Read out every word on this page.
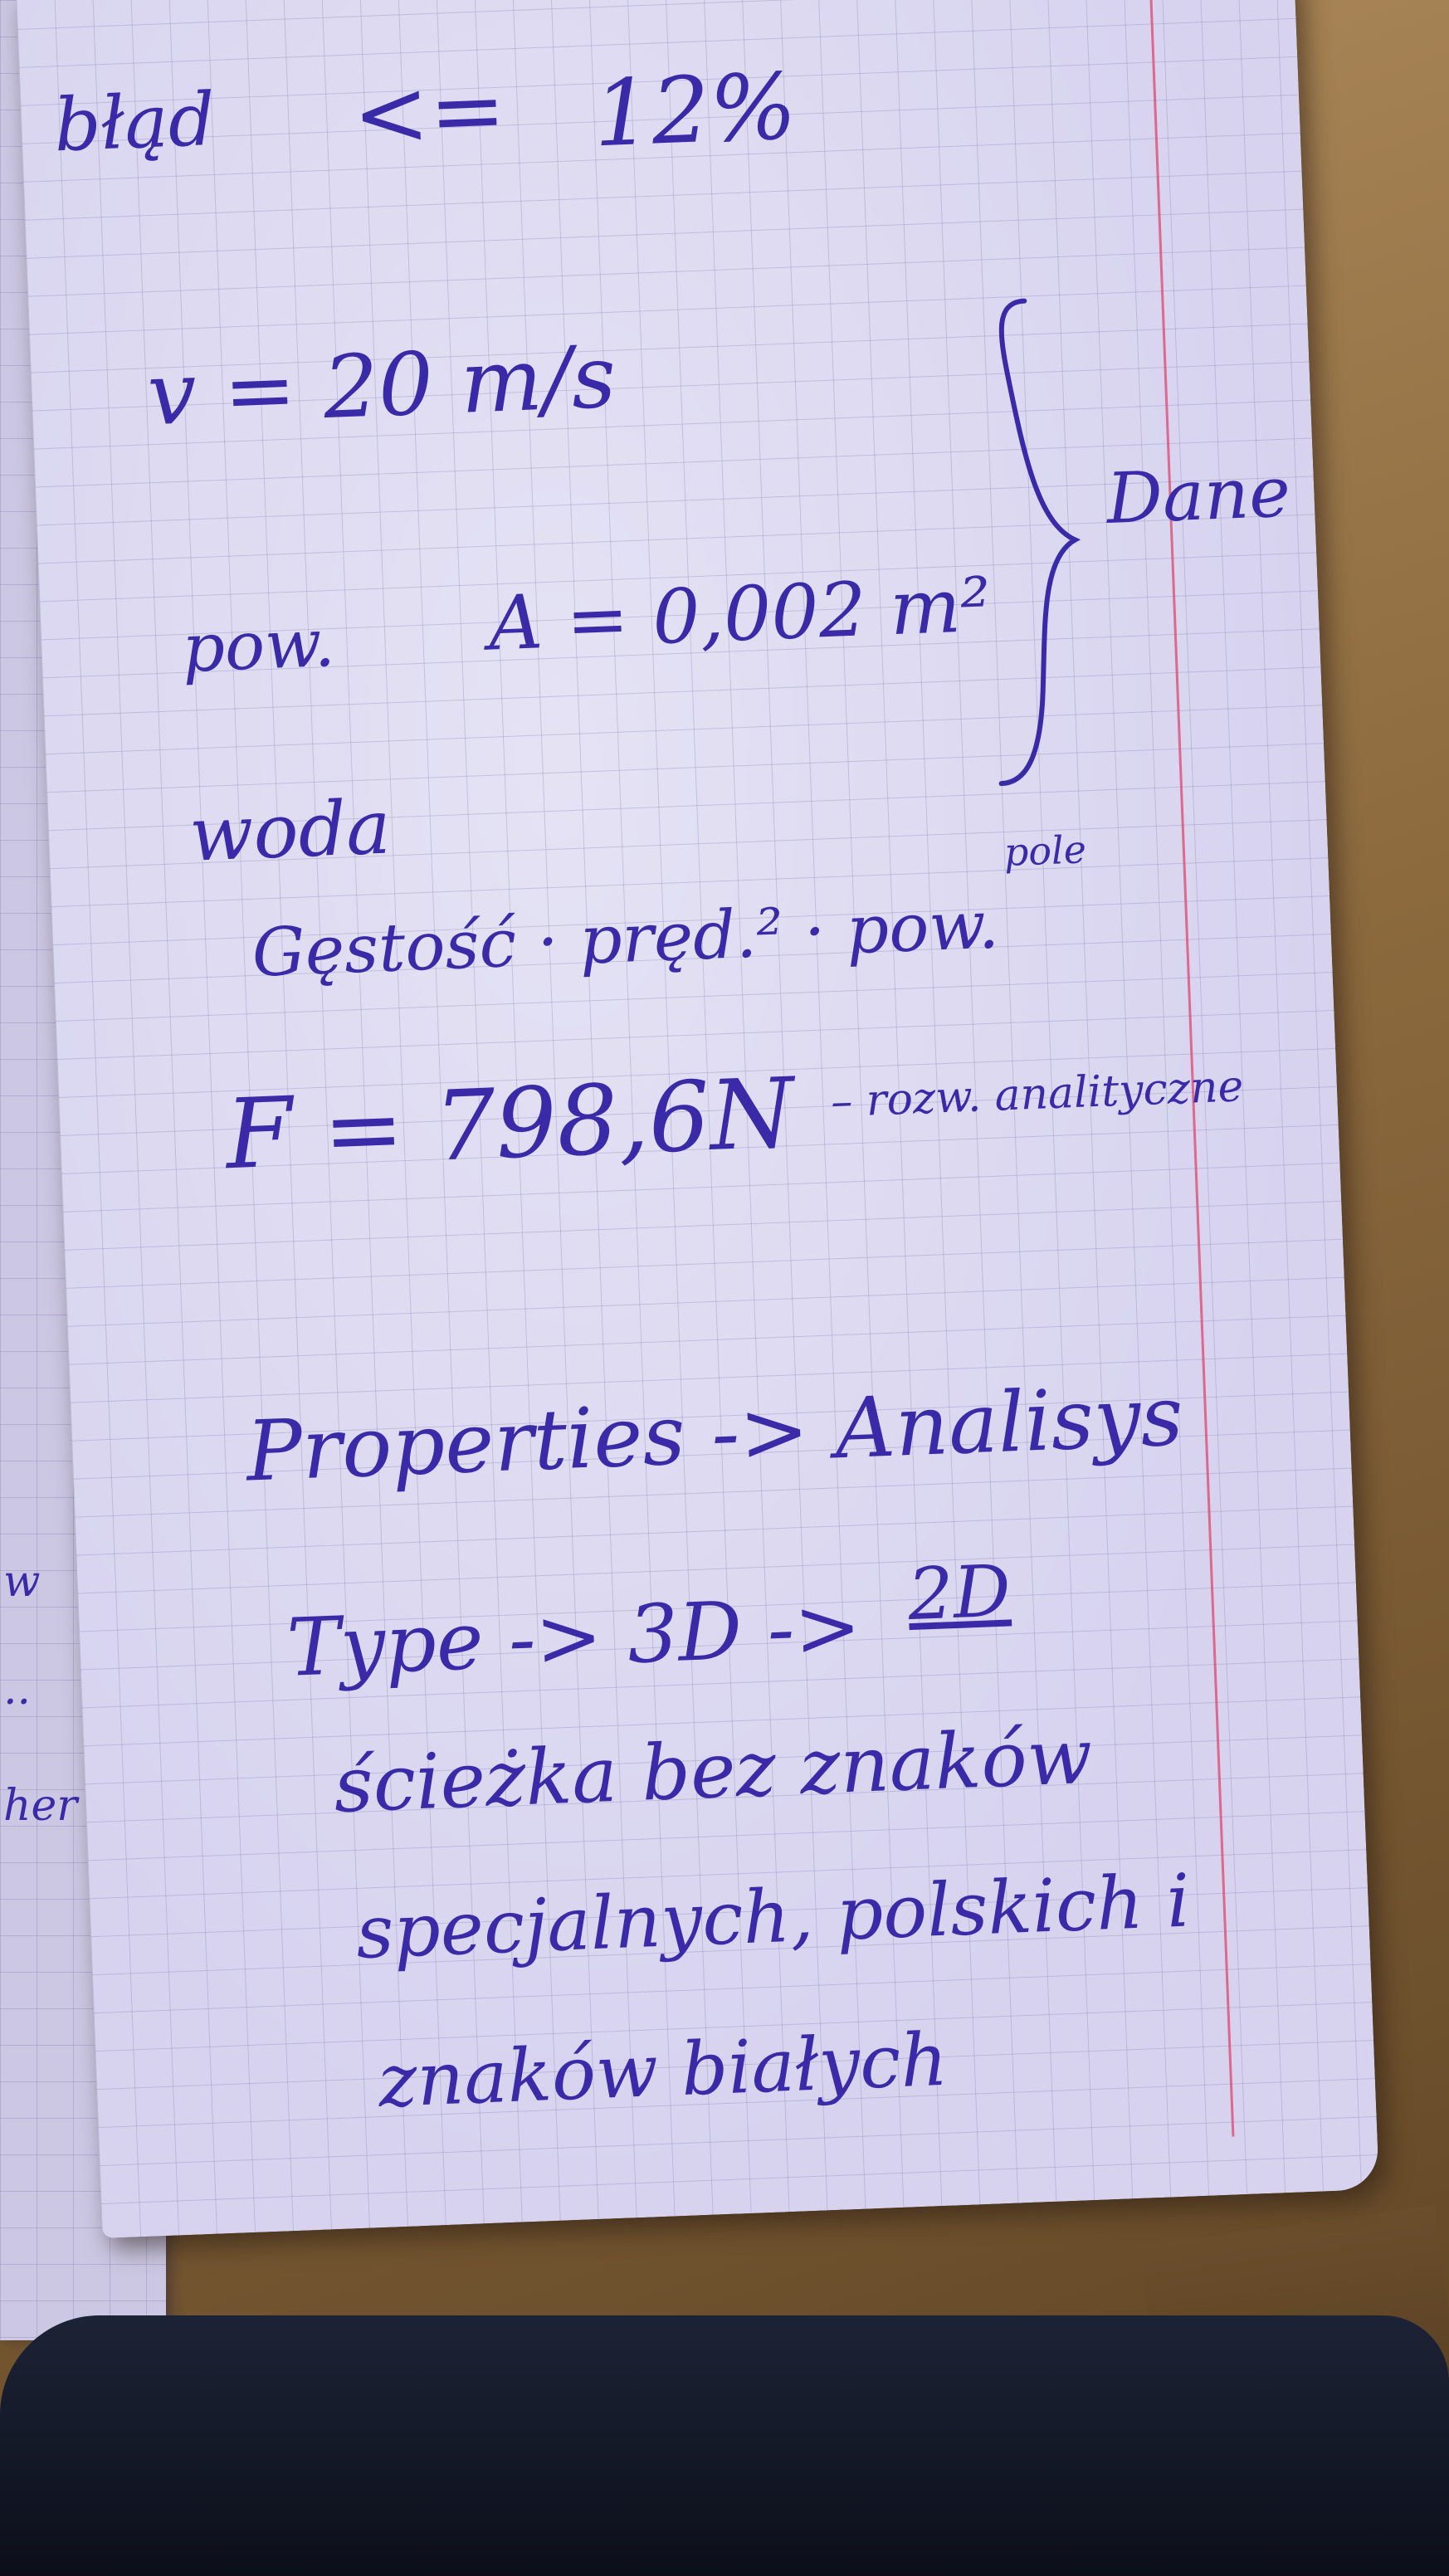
w
..
her
błąd <= 12%
v = 20 m/s
pow. A = 0,002 m²
woda
Dane
pole
Gęstość · pręd.² · pow.
F = 798,6N – rozw. analityczne
Properties -> Analisys
Type -> 3D -> 2D
ścieżka bez znaków
specjalnych, polskich i
znaków białych
